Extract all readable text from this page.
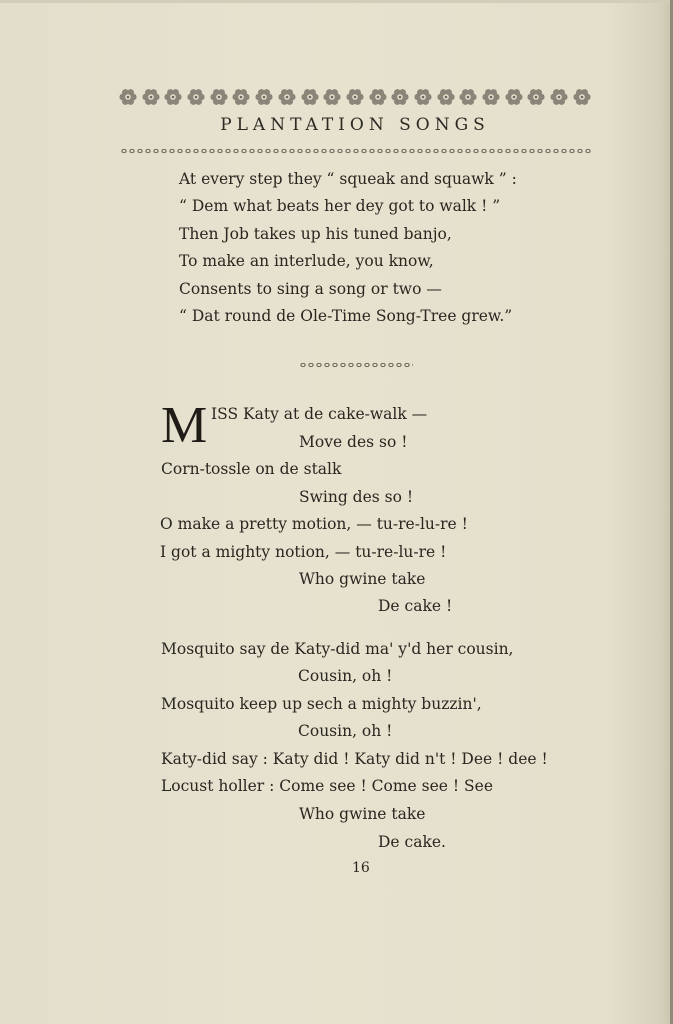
PLANTATION SONGS
At every step they “ squeak and squawk ” :
“ Dem what beats her dey got to walk ! ”
Then Job takes up his tuned banjo,
To make an interlude, you know,
Consents to sing a song or two —
“ Dat round de Ole-Time Song-Tree grew.”
M ISS Katy at de cake-walk —
Move des so !
Corn-tossle on de stalk
Swing des so !
O make a pretty motion, — tu-re-lu-re !
I got a mighty notion, — tu-re-lu-re !
Who gwine take
De cake !
Mosquito say de Katy-did ma' y'd her cousin,
Cousin, oh !
Mosquito keep up sech a mighty buzzin',
Cousin, oh !
Katy-did say : Katy did ! Katy did n't ! Dee ! dee !
Locust holler : Come see ! Come see ! See
Who gwine take
De cake.
16
